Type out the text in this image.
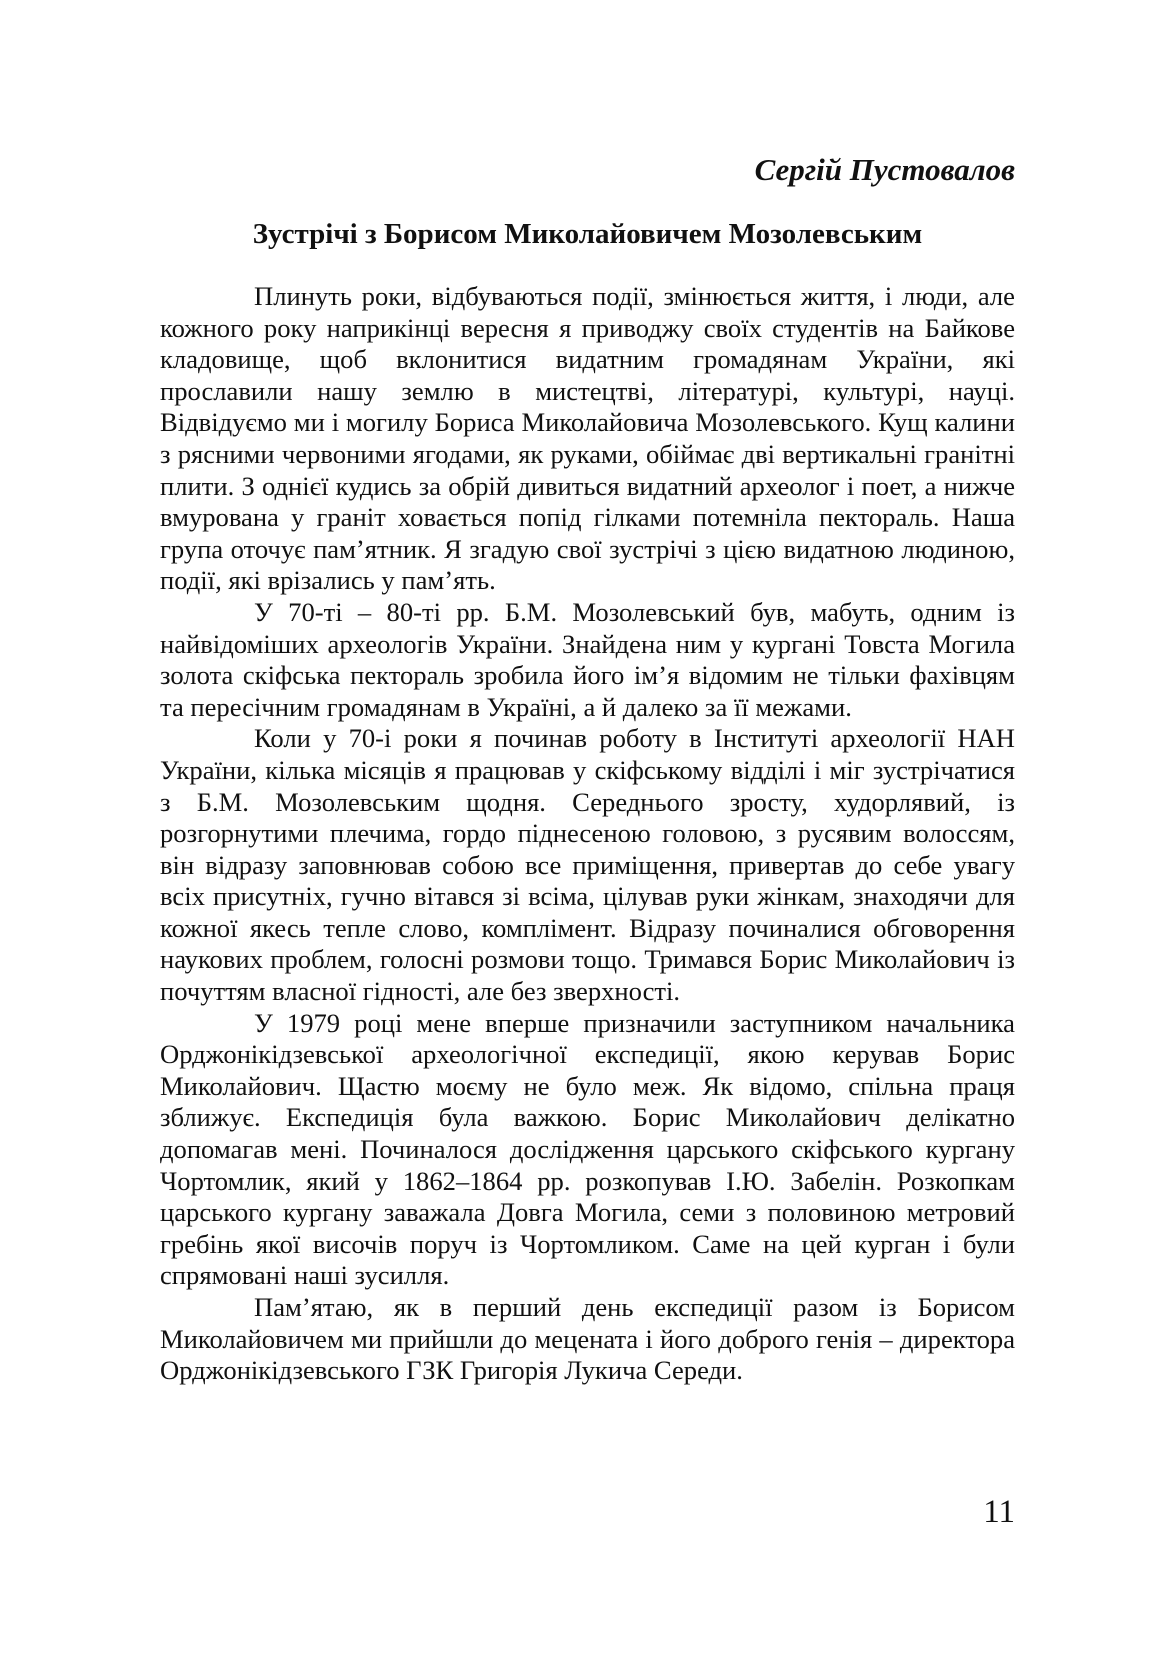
Сергій Пустовалов
Зустрічі з Борисом Миколайовичем Мозолевським

Плинуть роки, відбуваються події, змінюється життя, і люди, але кожного року наприкінці вересня я приводжу своїх студентів на Байкове кладовище, щоб вклонитися видатним громадянам України, які прославили нашу землю в мистецтві, літературі, культурі, науці. Відвідуємо ми і могилу Бориса Миколайовича Мозолевського. Кущ калини з рясними червоними ягодами, як руками, обіймає дві вертикальні гранітні плити. З однієї кудись за обрій дивиться видатний археолог і поет, а нижче вмурована у граніт ховається попід гілками потемніла пектораль. Наша група оточує пам’ятник. Я згадую свої зустрічі з цією видатною людиною, події, які врізались у пам’ять.

У 70-ті – 80-ті рр. Б.М. Мозолевський був, мабуть, одним із найвідоміших археологів України. Знайдена ним у кургані Товста Могила золота скіфська пектораль зробила його ім’я відомим не тільки фахівцям та пересічним громадянам в Україні, а й далеко за її межами.

Коли у 70-і роки я починав роботу в Інституті археології НАН України, кілька місяців я працював у скіфському відділі і міг зустрічатися з Б.М. Мозолевським щодня. Середнього зросту, худорлявий, із розгорнутими плечима, гордо піднесеною головою, з русявим волоссям, він відразу заповнював собою все приміщення, привертав до себе увагу всіх присутніх, гучно вітався зі всіма, цілував руки жінкам, знаходячи для кожної якесь тепле слово, комплімент. Відразу починалися обговорення наукових проблем, голосні розмови тощо. Тримався Борис Миколайович із почуттям власної гідності, але без зверхності.

У 1979 році мене вперше призначили заступником начальника Орджонікідзевської археологічної експедиції, якою керував Борис Миколайович. Щастю моєму не було меж. Як відомо, спільна праця зближує. Експедиція була важкою. Борис Миколайович делікатно допомагав мені. Починалося дослідження царського скіфського кургану Чортомлик, який у 1862–1864 рр. розкопував І.Ю. Забелін. Розкопкам царського кургану заважала Довга Могила, семи з половиною метровий гребінь якої височів поруч із Чортомликом. Саме на цей курган і були спрямовані наші зусилля.

Пам’ятаю, як в перший день експедиції разом із Борисом Миколайовичем ми прийшли до мецената і його доброго генія – директора Орджонікідзевського ГЗК Григорія Лукича Середи.

11
